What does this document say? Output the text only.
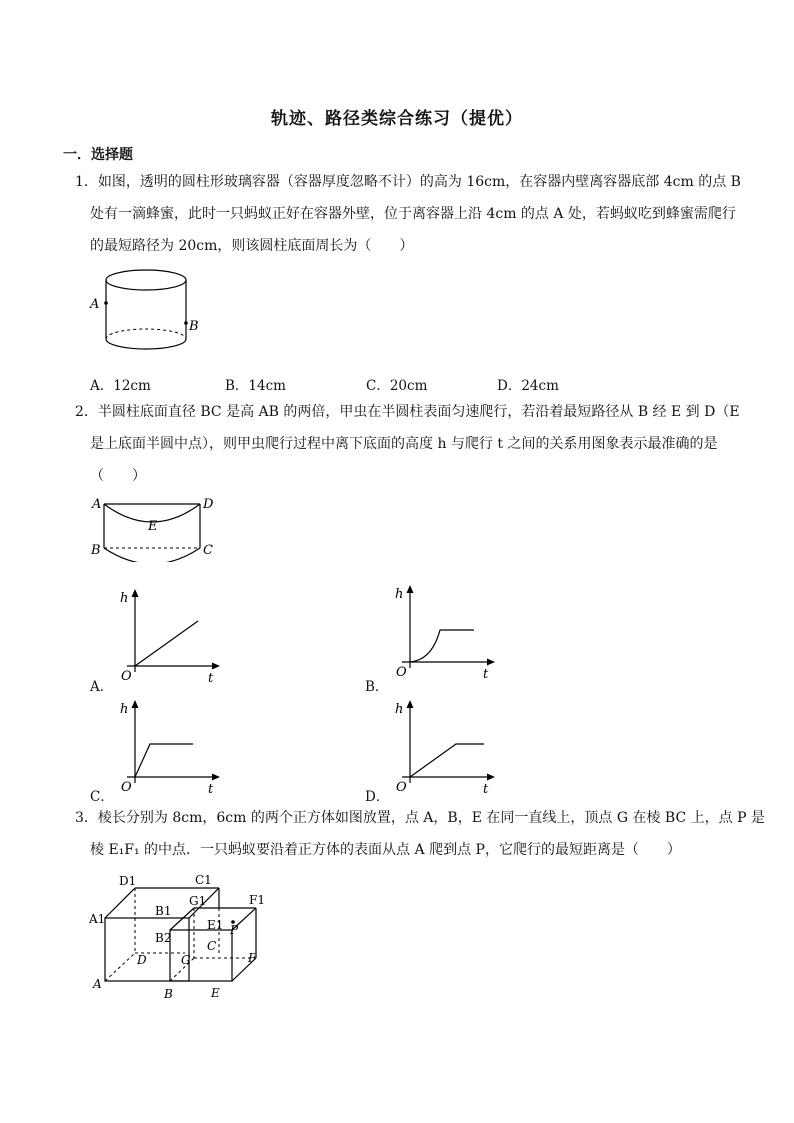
轨迹、路径类综合练习（提优）
一．选择题
1．如图，透明的圆柱形玻璃容器（容器厚度忽略不计）的高为 16cm，在容器内壁离容器底部 4cm 的点 B
处有一滴蜂蜜，此时一只蚂蚁正好在容器外壁，位于离容器上沿 4cm 的点 A 处，若蚂蚁吃到蜂蜜需爬行
的最短路径为 20cm，则该圆柱底面周长为（　　）
A
B
A．12cm	B．14cm	C．20cm	D．24cm
2．半圆柱底面直径 BC 是高 AB 的两倍，甲虫在半圆柱表面匀速爬行，若沿着最短路径从 B 经 E 到 D（E
是上底面半圆中点），则甲虫爬行过程中离下底面的高度 h 与爬行 t 之间的关系用图象表示最准确的是
（　　）
A	D
E
B	C
A．
h
t
O
B．
h
t
O
C．
h
t
O
D．
h
t
O
3．棱长分别为 8cm，6cm 的两个正方体如图放置，点 A，B，E 在同一直线上，顶点 G 在棱 BC 上，点 P 是
棱 E₁F₁ 的中点．一只蚂蚁要沿着正方体的表面从点 A 爬到点 P，它爬行的最短距离是（　　）
D1	C1
A1
B1
G1	F1
E1 P
B2
C
D	G	F
A
B	E
